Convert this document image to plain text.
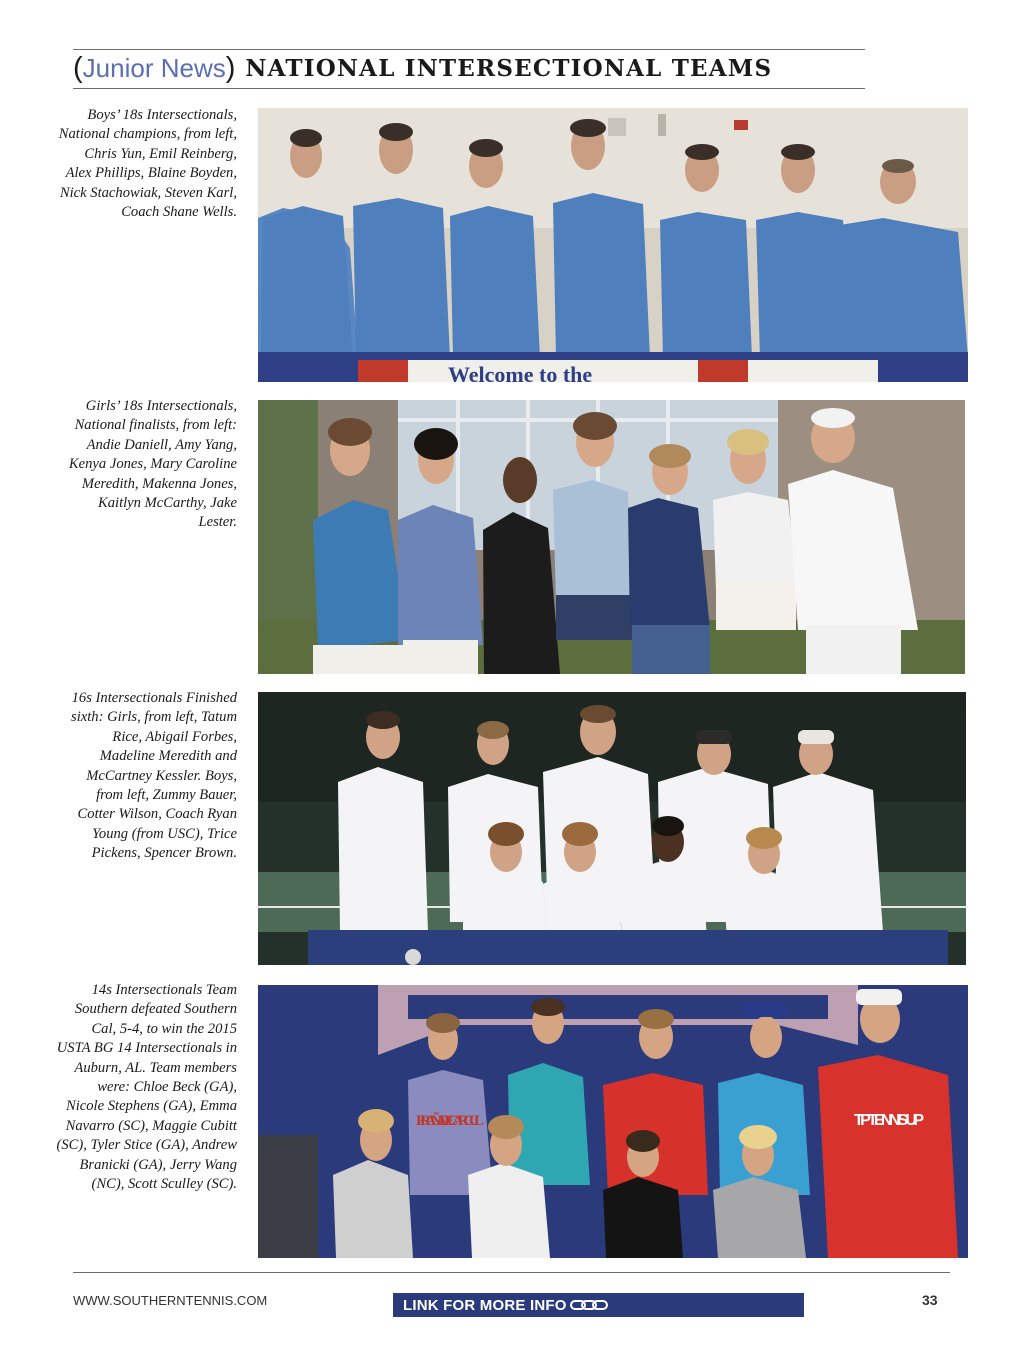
( Junior News ) NATIONAL INTERSECTIONAL TEAMS
Boys’ 18s Intersectionals, National champions, from left, Chris Yun, Emil Reinberg, Alex Phillips, Blaine Boyden, Nick Stachowiak, Steven Karl, Coach Shane Wells.
Welcome to the
Girls’ 18s Intersectionals, National finalists, from left: Andie Daniell, Amy Yang, Kenya Jones, Mary Caroline Meredith, Makenna Jones, Kaitlyn McCarthy, Jake Lester.
16s Intersectionals Finished sixth: Girls, from left, Tatum Rice, Abigail Forbes, Madeline Meredith and McCartney Kessler. Boys, from left, Zummy Bauer, Cotter Wilson, Coach Ryan Young (from USC), Trice Pickens, Spencer Brown.
14s Intersectionals Team Southern defeated Southern Cal, 5-4, to win the 2015 USTA BG 14 Intersectionals in Auburn, AL. Team members were: Chloe Beck (GA), Nicole Stephens (GA), Emma Navarro (SC), Maggie Cubitt (SC), Tyler Stice (GA), Andrew Branicki (GA), Jerry Wang (NC), Scott Sculley (SC).
PIRAÑA DE CARCUL	TP TENNIS UP
WWW.SOUTHERNTENNIS.COM	LINK FOR MORE INFO	33
